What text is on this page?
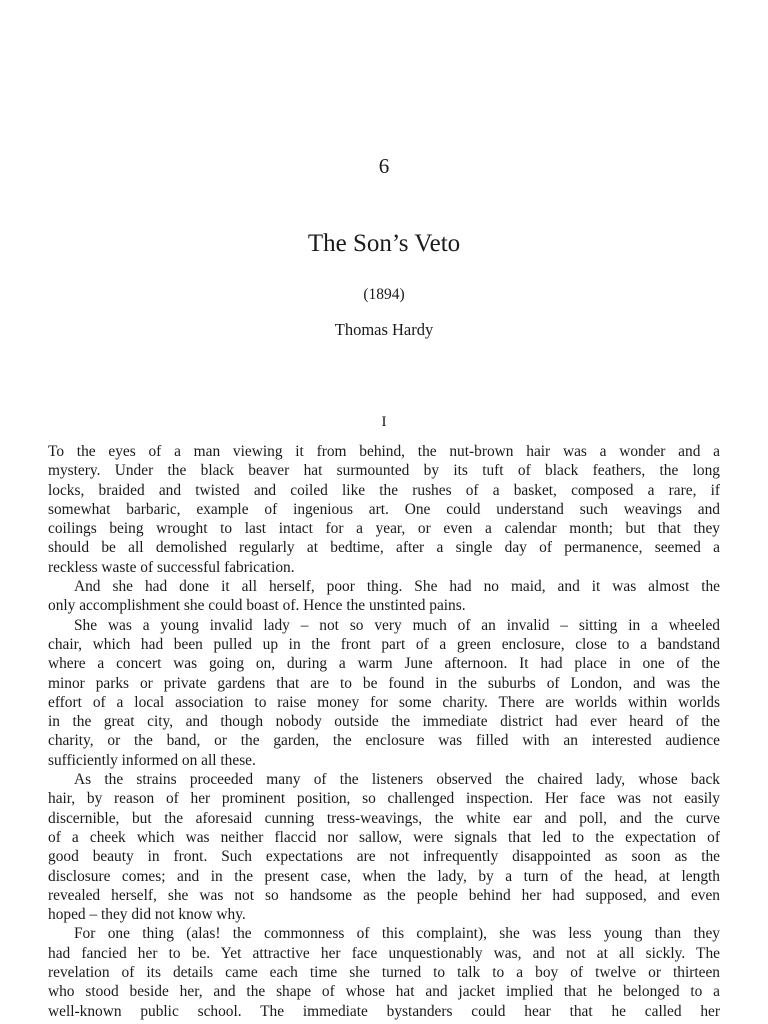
6
The Son’s Veto
(1894)
Thomas Hardy
I
To the eyes of a man viewing it from behind, the nut-brown hair was a wonder and a
mystery. Under the black beaver hat surmounted by its tuft of black feathers, the long
locks, braided and twisted and coiled like the rushes of a basket, composed a rare, if
somewhat barbaric, example of ingenious art. One could understand such weavings and
coilings being wrought to last intact for a year, or even a calendar month; but that they
should be all demolished regularly at bedtime, after a single day of permanence, seemed a
reckless waste of successful fabrication.
And she had done it all herself, poor thing. She had no maid, and it was almost the
only accomplishment she could boast of. Hence the unstinted pains.
She was a young invalid lady – not so very much of an invalid – sitting in a wheeled
chair, which had been pulled up in the front part of a green enclosure, close to a bandstand
where a concert was going on, during a warm June afternoon. It had place in one of the
minor parks or private gardens that are to be found in the suburbs of London, and was the
effort of a local association to raise money for some charity. There are worlds within worlds
in the great city, and though nobody outside the immediate district had ever heard of the
charity, or the band, or the garden, the enclosure was filled with an interested audience
sufficiently informed on all these.
As the strains proceeded many of the listeners observed the chaired lady, whose back
hair, by reason of her prominent position, so challenged inspection. Her face was not easily
discernible, but the aforesaid cunning tress-weavings, the white ear and poll, and the curve
of a cheek which was neither flaccid nor sallow, were signals that led to the expectation of
good beauty in front. Such expectations are not infrequently disappointed as soon as the
disclosure comes; and in the present case, when the lady, by a turn of the head, at length
revealed herself, she was not so handsome as the people behind her had supposed, and even
hoped – they did not know why.
For one thing (alas! the commonness of this complaint), she was less young than they
had fancied her to be. Yet attractive her face unquestionably was, and not at all sickly. The
revelation of its details came each time she turned to talk to a boy of twelve or thirteen
who stood beside her, and the shape of whose hat and jacket implied that he belonged to a
well-known public school. The immediate bystanders could hear that he called her
